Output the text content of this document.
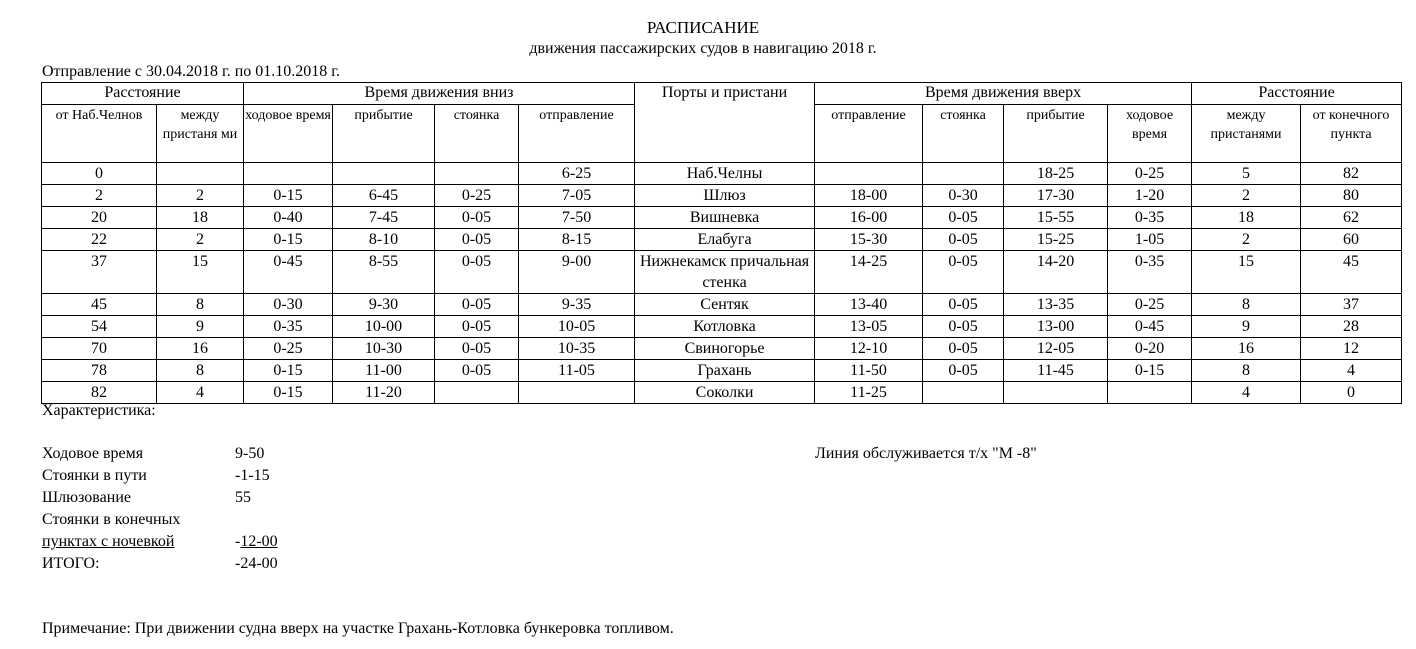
РАСПИСАНИЕ
движения пассажирских судов в навигацию 2018 г.
Отправление с 30.04.2018 г. по 01.10.2018 г.
Расстояние		Время движения вниз				Порты и пристани	Время движения вверх				Расстояние	
от Наб.Челнов	между пристаня ми	ходовое время	прибытие	стоянка	отправление		отправление	стоянка	прибытие	ходовое время	между пристанями	от конечного пункта
0					6-25	Наб.Челны			18-25	0-25	5	82
2	2	0-15	6-45	0-25	7-05	Шлюз	18-00	0-30	17-30	1-20	2	80
20	18	0-40	7-45	0-05	7-50	Вишневка	16-00	0-05	15-55	0-35	18	62
22	2	0-15	8-10	0-05	8-15	Елабуга	15-30	0-05	15-25	1-05	2	60
37	15	0-45	8-55	0-05	9-00	Нижнекамск причальная стенка	14-25	0-05	14-20	0-35	15	45
45	8	0-30	9-30	0-05	9-35	Сентяк	13-40	0-05	13-35	0-25	8	37
54	9	0-35	10-00	0-05	10-05	Котловка	13-05	0-05	13-00	0-45	9	28
70	16	0-25	10-30	0-05	10-35	Свиногорье	12-10	0-05	12-05	0-20	16	12
78	8	0-15	11-00	0-05	11-05	Грахань	11-50	0-05	11-45	0-15	8	4
82	4	0-15	11-20			Соколки	11-25				4	0
Характеристика:
Ходовое время	9-50
Стоянки в пути	-1-15
Шлюзование	55
Стоянки в конечных
пунктах с ночевкой	-12-00
ИТОГО:	-24-00
Линия обслуживается т/х "М -8"
Примечание: При движении судна вверх на участке Грахань-Котловка бункеровка топливом.
